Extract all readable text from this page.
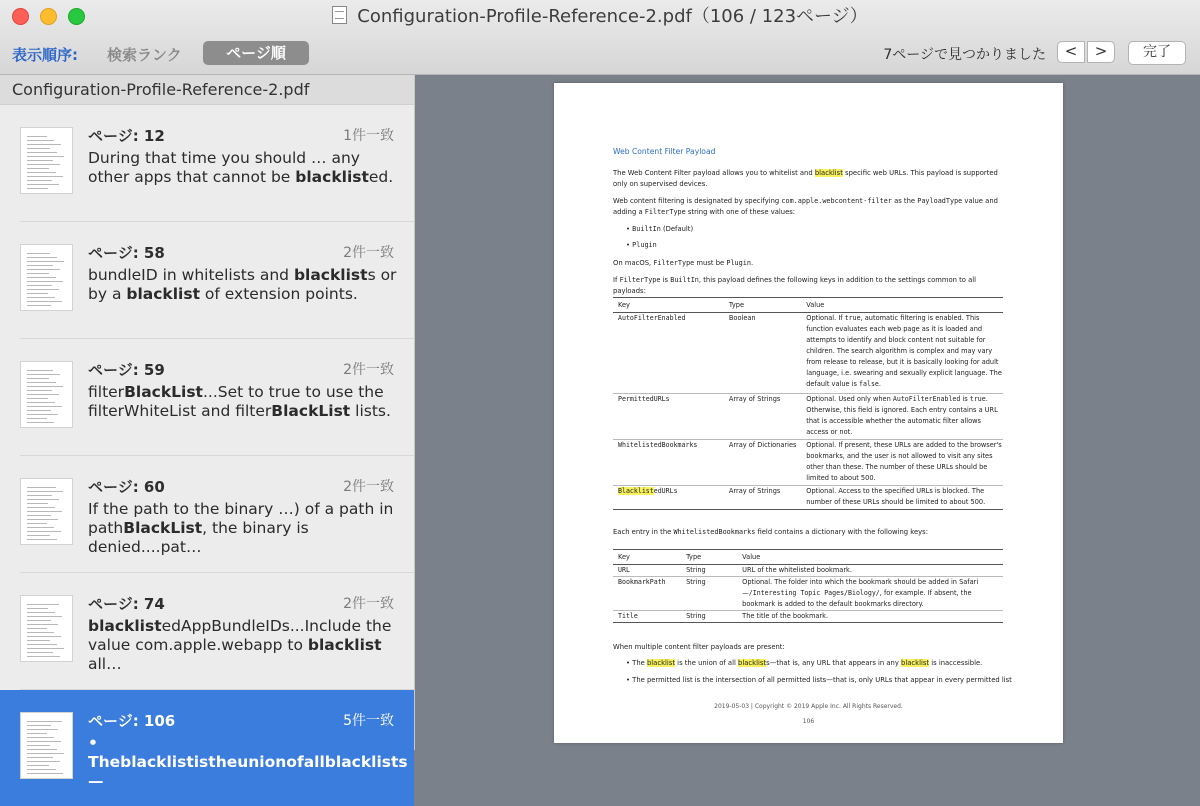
Configuration-Profile-Reference-2.pdf（106 / 123ページ）
表示順序: 検索ランク	ページ順	7ページで見つかりました	<	>	完了
Configuration-Profile-Reference-2.pdf
ページ: 12	1件一致
During that time you should … any other apps that cannot be blacklisted.
ページ: 58	2件一致
bundleID in whitelists and blacklists or by a blacklist of extension points.
ページ: 59	2件一致
filterBlackList...Set to true to use the filterWhiteList and filterBlackList lists.
ページ: 60	2件一致
If the path to the binary …) of a path in pathBlackList, the binary is denied....pat…
ページ: 74	2件一致
blacklistedAppBundleIDs...Include the value com.apple.webapp to blacklist all…
ページ: 106	5件一致
• Theblacklististheunionofallblacklists—
Web Content Filter Payload
The Web Content Filter payload allows you to whitelist and blacklist specific web URLs. This payload is supported only on supervised devices.
Web content filtering is designated by specifying com.apple.webcontent-filter as the PayloadType value and adding a FilterType string with one of these values:
• BuiltIn (Default)
• Plugin
On macOS, FilterType must be Plugin.
If FilterType is BuiltIn, this payload defines the following keys in addition to the settings common to all payloads:
Key	Type	Value
AutoFilterEnabled	Boolean	Optional. If true, automatic filtering is enabled. This function evaluates each web page as it is loaded and attempts to identify and block content not suitable for children. The search algorithm is complex and may vary from release to release, but it is basically looking for adult language, i.e. swearing and sexually explicit language. The default value is false.
PermittedURLs	Array of Strings	Optional. Used only when AutoFilterEnabled is true. Otherwise, this field is ignored. Each entry contains a URL that is accessible whether the automatic filter allows access or not.
WhitelistedBookmarks	Array of Dictionaries	Optional. If present, these URLs are added to the browser's bookmarks, and the user is not allowed to visit any sites other than these. The number of these URLs should be limited to about 500.
BlacklistedURLs	Array of Strings	Optional. Access to the specified URLs is blocked. The number of these URLs should be limited to about 500.
Each entry in the WhitelistedBookmarks field contains a dictionary with the following keys:
Key	Type	Value
URL	String	URL of the whitelisted bookmark.
BookmarkPath	String	Optional. The folder into which the bookmark should be added in Safari—/Interesting Topic Pages/Biology/, for example. If absent, the bookmark is added to the default bookmarks directory.
Title	String	The title of the bookmark.
When multiple content filter payloads are present:
• The blacklist is the union of all blacklists—that is, any URL that appears in any blacklist is inaccessible.
• The permitted list is the intersection of all permitted lists—that is, only URLs that appear in every permitted list
2019-05-03 | Copyright © 2019 Apple Inc. All Rights Reserved.
106
